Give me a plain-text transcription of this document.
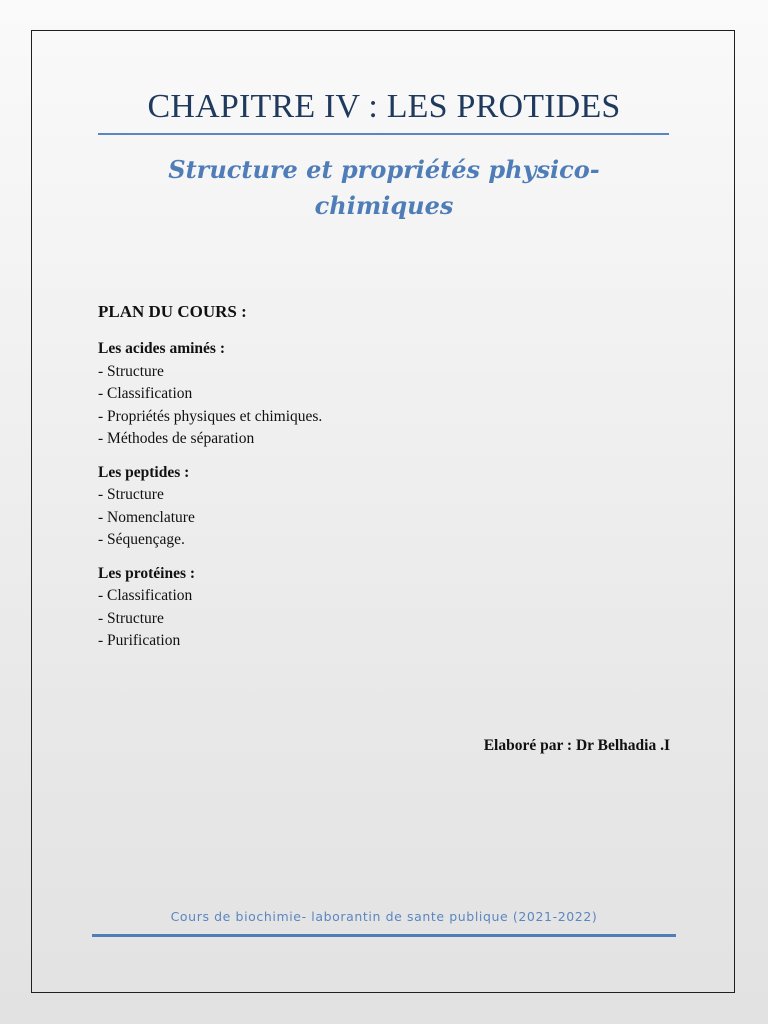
CHAPITRE IV : LES PROTIDES
Structure et propriétés physico-
chimiques
PLAN DU COURS :
Les acides aminés :
- Structure
- Classification
- Propriétés physiques et chimiques.
- Méthodes de séparation
Les peptides :
- Structure
- Nomenclature
- Séquençage.
Les protéines :
- Classification
- Structure
- Purification
Elaboré par : Dr Belhadia .I
Cours de biochimie- laborantin de sante publique (2021-2022)
